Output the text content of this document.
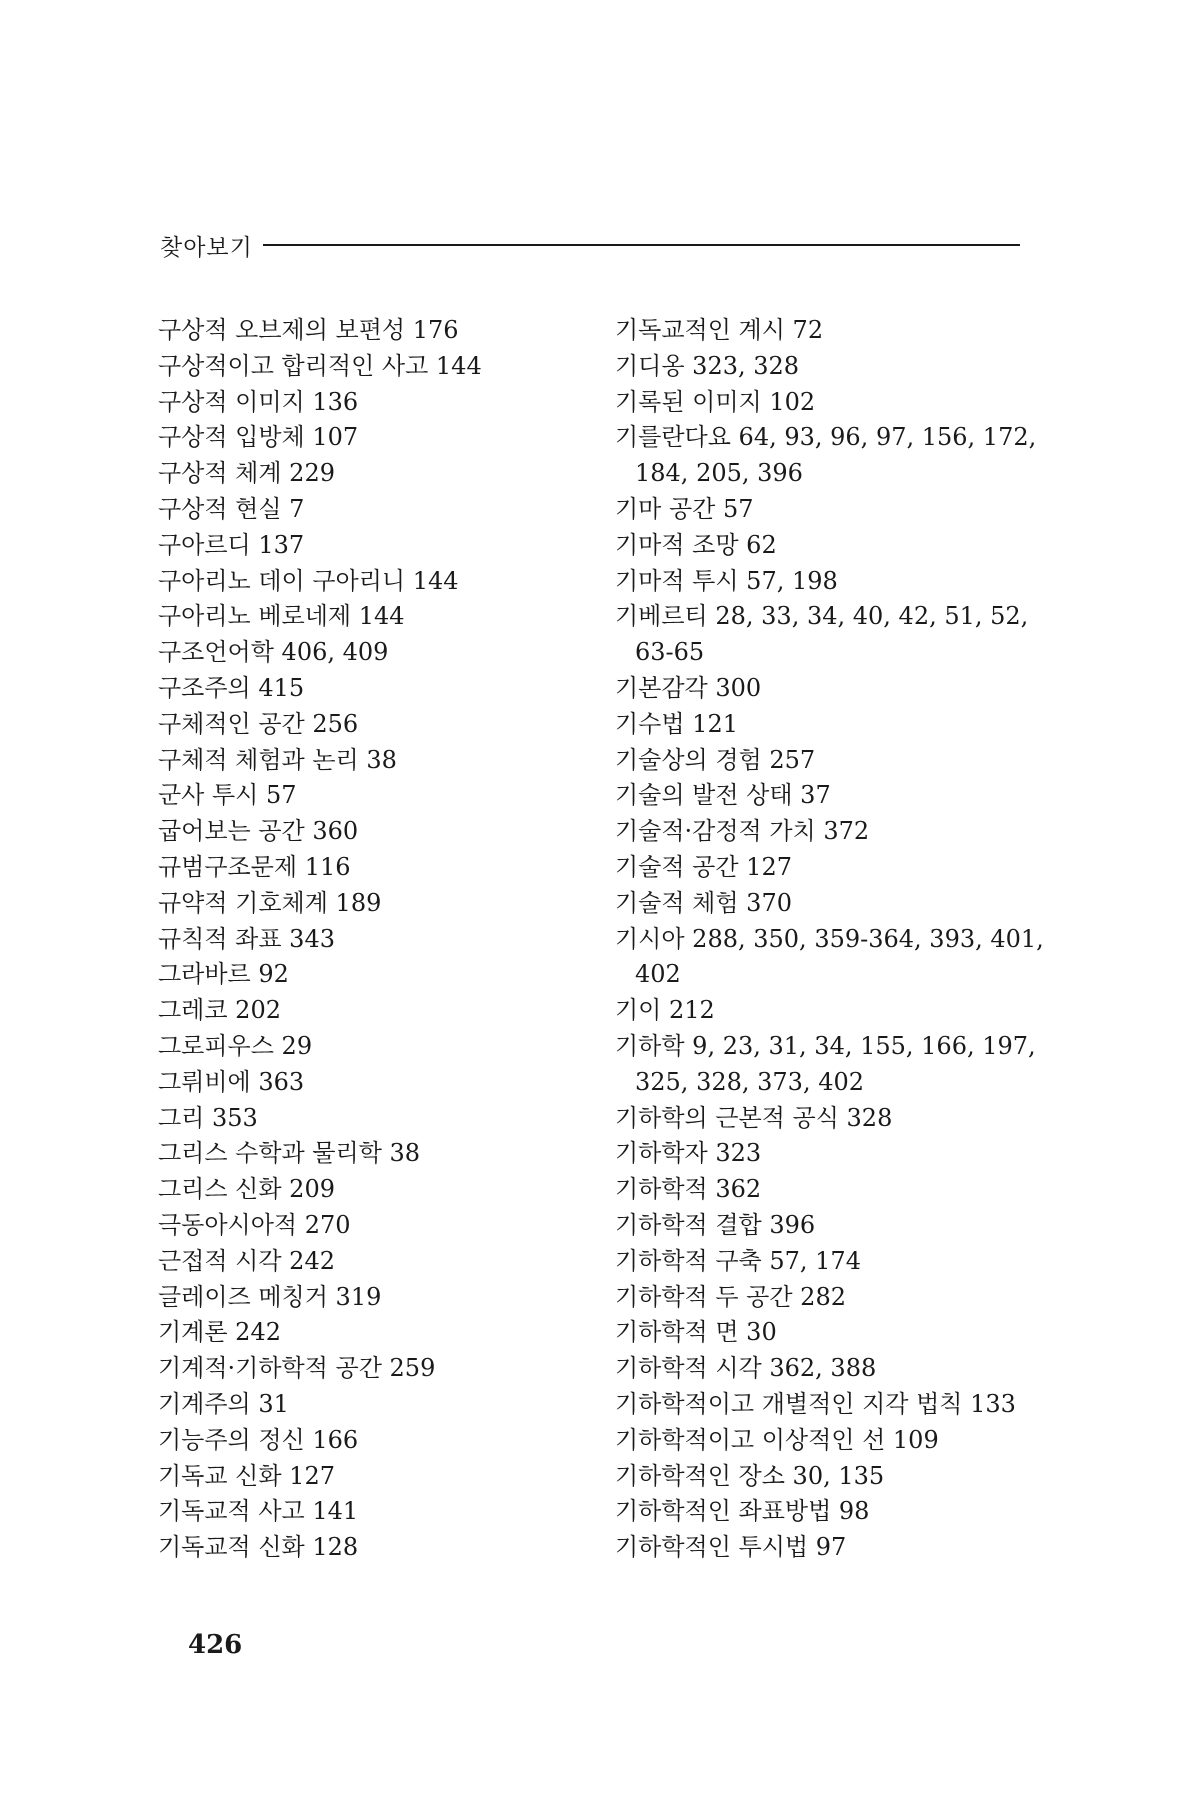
찾아보기
구상적 오브제의 보편성 176
구상적이고 합리적인 사고 144
구상적 이미지 136
구상적 입방체 107
구상적 체계 229
구상적 현실 7
구아르디 137
구아리노 데이 구아리니 144
구아리노 베로네제 144
구조언어학 406, 409
구조주의 415
구체적인 공간 256
구체적 체험과 논리 38
군사 투시 57
굽어보는 공간 360
규범구조문제 116
규약적 기호체계 189
규칙적 좌표 343
그라바르 92
그레코 202
그로피우스 29
그뤼비에 363
그리 353
그리스 수학과 물리학 38
그리스 신화 209
극동아시아적 270
근접적 시각 242
글레이즈 메칭거 319
기계론 242
기계적·기하학적 공간 259
기계주의 31
기능주의 정신 166
기독교 신화 127
기독교적 사고 141
기독교적 신화 128
기독교적인 계시 72
기디옹 323, 328
기록된 이미지 102
기를란다요 64, 93, 96, 97, 156, 172,
184, 205, 396
기마 공간 57
기마적 조망 62
기마적 투시 57, 198
기베르티 28, 33, 34, 40, 42, 51, 52,
63-65
기본감각 300
기수법 121
기술상의 경험 257
기술의 발전 상태 37
기술적·감정적 가치 372
기술적 공간 127
기술적 체험 370
기시아 288, 350, 359-364, 393, 401,
402
기이 212
기하학 9, 23, 31, 34, 155, 166, 197,
325, 328, 373, 402
기하학의 근본적 공식 328
기하학자 323
기하학적 362
기하학적 결합 396
기하학적 구축 57, 174
기하학적 두 공간 282
기하학적 면 30
기하학적 시각 362, 388
기하학적이고 개별적인 지각 법칙 133
기하학적이고 이상적인 선 109
기하학적인 장소 30, 135
기하학적인 좌표방법 98
기하학적인 투시법 97
426
